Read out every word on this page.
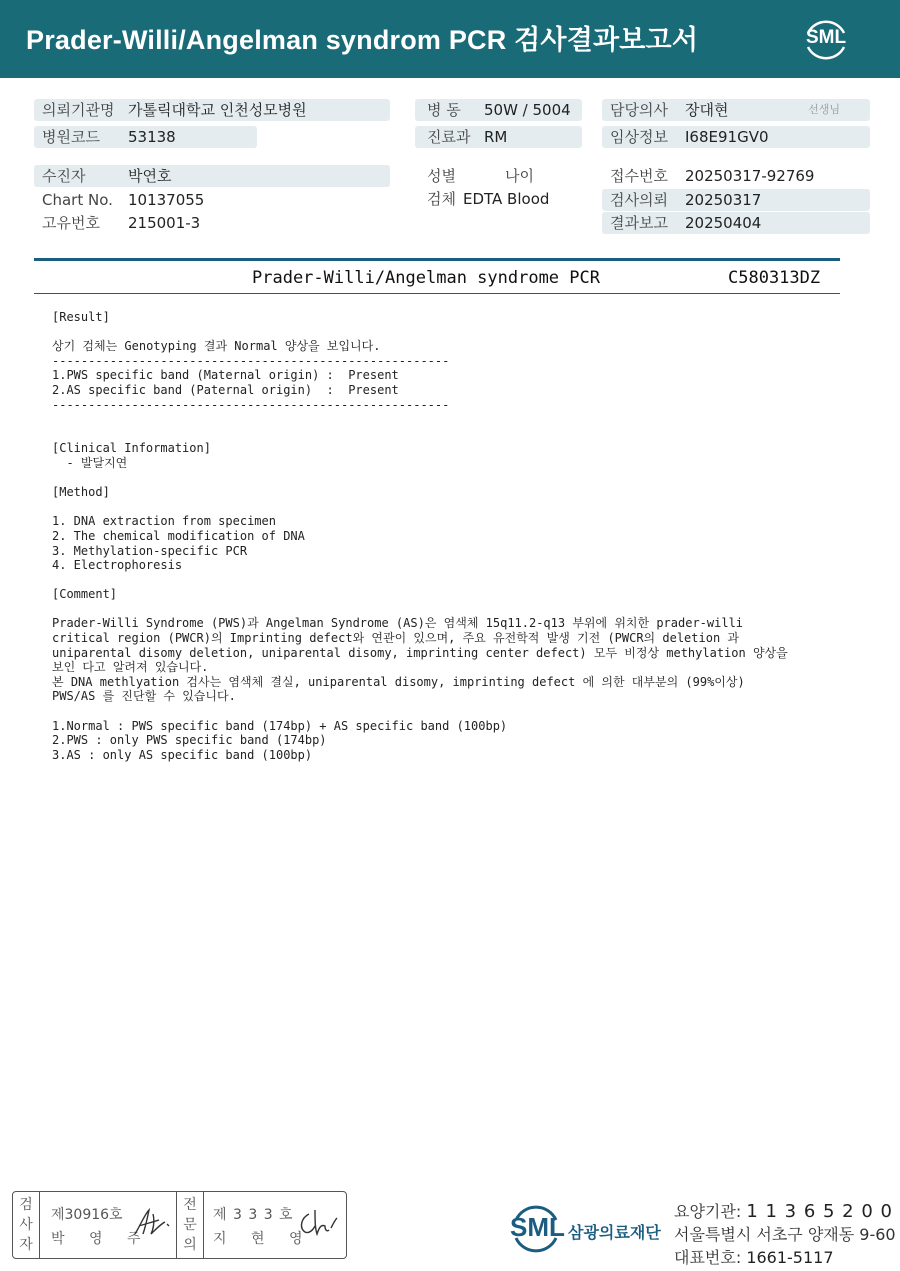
Prader-Willi/Angelman syndrom PCR 검사결과보고서	SML
의뢰기관명 가톨릭대학교 인천성모병원
병원코드 53138
병 동 50W / 5004
진료과 RM
담당의사 장대현	선생님
임상정보 I68E91GV0
수진자	박연호
Chart No. 10137055
고유번호 215001-3
성별	나이
검체 EDTA Blood
접수번호 20250317-92769
검사의뢰 20250317
결과보고 20250404
Prader-Willi/Angelman syndrome PCR	C580313DZ
[Result]
상기 검체는 Genotyping 결과 Normal 양상을 보입니다.
-------------------------------------------------------
1.PWS specific band (Maternal origin) :  Present
2.AS specific band (Paternal origin)  :  Present
-------------------------------------------------------
[Clinical Information]
- 발달지연
[Method]
1. DNA extraction from specimen
2. The chemical modification of DNA
3. Methylation-specific PCR
4. Electrophoresis
[Comment]
Prader-Willi Syndrome (PWS)과 Angelman Syndrome (AS)은 염색체 15q11.2-q13 부위에 위치한 prader-willi
critical region (PWCR)의 Imprinting defect와 연관이 있으며, 주요 유전학적 발생 기전 (PWCR의 deletion 과
uniparental disomy deletion, uniparental disomy, imprinting center defect) 모두 비정상 methylation 양상을
보인 다고 알려져 있습니다.
본 DNA methlyation 검사는 염색체 결실, uniparental disomy, imprinting defect 에 의한 대부분의 (99%이상)
PWS/AS 를 진단할 수 있습니다.
1.Normal : PWS specific band (174bp) + AS specific band (100bp)
2.PWS : only PWS specific band (174bp)
3.AS : only AS specific band (100bp)
검
사
자
제30916호
박 영 주
전
문
의
제 3 3 3 호
지 현 영	SML 삼광의료재단
요양기관: 1 1 3 6 5 2 0 0
서울특별시 서초구 양재동 9-60
대표번호: 1661-5117
